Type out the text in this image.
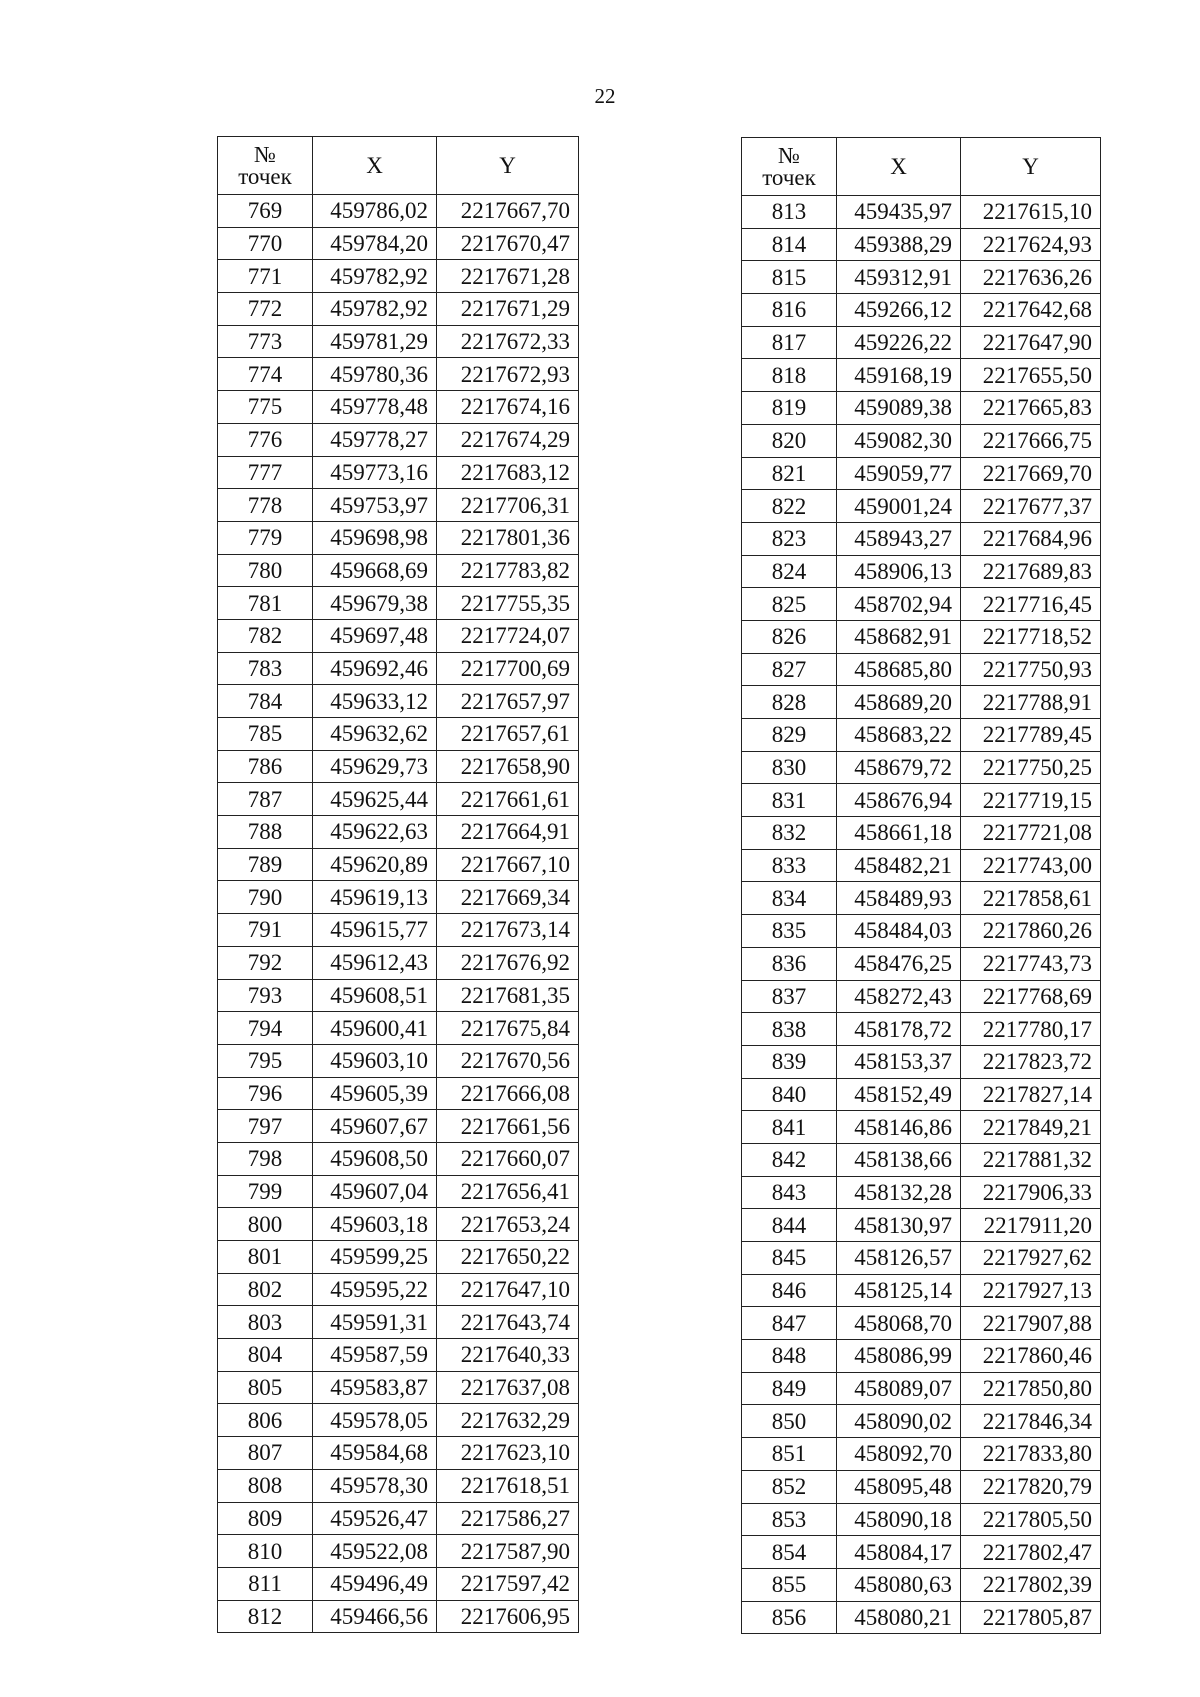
22
№
точек	X	Y
769	459786,02	2217667,70
770	459784,20	2217670,47
771	459782,92	2217671,28
772	459782,92	2217671,29
773	459781,29	2217672,33
774	459780,36	2217672,93
775	459778,48	2217674,16
776	459778,27	2217674,29
777	459773,16	2217683,12
778	459753,97	2217706,31
779	459698,98	2217801,36
780	459668,69	2217783,82
781	459679,38	2217755,35
782	459697,48	2217724,07
783	459692,46	2217700,69
784	459633,12	2217657,97
785	459632,62	2217657,61
786	459629,73	2217658,90
787	459625,44	2217661,61
788	459622,63	2217664,91
789	459620,89	2217667,10
790	459619,13	2217669,34
791	459615,77	2217673,14
792	459612,43	2217676,92
793	459608,51	2217681,35
794	459600,41	2217675,84
795	459603,10	2217670,56
796	459605,39	2217666,08
797	459607,67	2217661,56
798	459608,50	2217660,07
799	459607,04	2217656,41
800	459603,18	2217653,24
801	459599,25	2217650,22
802	459595,22	2217647,10
803	459591,31	2217643,74
804	459587,59	2217640,33
805	459583,87	2217637,08
806	459578,05	2217632,29
807	459584,68	2217623,10
808	459578,30	2217618,51
809	459526,47	2217586,27
810	459522,08	2217587,90
811	459496,49	2217597,42
812	459466,56	2217606,95
№
точек	X	Y
813	459435,97	2217615,10
814	459388,29	2217624,93
815	459312,91	2217636,26
816	459266,12	2217642,68
817	459226,22	2217647,90
818	459168,19	2217655,50
819	459089,38	2217665,83
820	459082,30	2217666,75
821	459059,77	2217669,70
822	459001,24	2217677,37
823	458943,27	2217684,96
824	458906,13	2217689,83
825	458702,94	2217716,45
826	458682,91	2217718,52
827	458685,80	2217750,93
828	458689,20	2217788,91
829	458683,22	2217789,45
830	458679,72	2217750,25
831	458676,94	2217719,15
832	458661,18	2217721,08
833	458482,21	2217743,00
834	458489,93	2217858,61
835	458484,03	2217860,26
836	458476,25	2217743,73
837	458272,43	2217768,69
838	458178,72	2217780,17
839	458153,37	2217823,72
840	458152,49	2217827,14
841	458146,86	2217849,21
842	458138,66	2217881,32
843	458132,28	2217906,33
844	458130,97	2217911,20
845	458126,57	2217927,62
846	458125,14	2217927,13
847	458068,70	2217907,88
848	458086,99	2217860,46
849	458089,07	2217850,80
850	458090,02	2217846,34
851	458092,70	2217833,80
852	458095,48	2217820,79
853	458090,18	2217805,50
854	458084,17	2217802,47
855	458080,63	2217802,39
856	458080,21	2217805,87
